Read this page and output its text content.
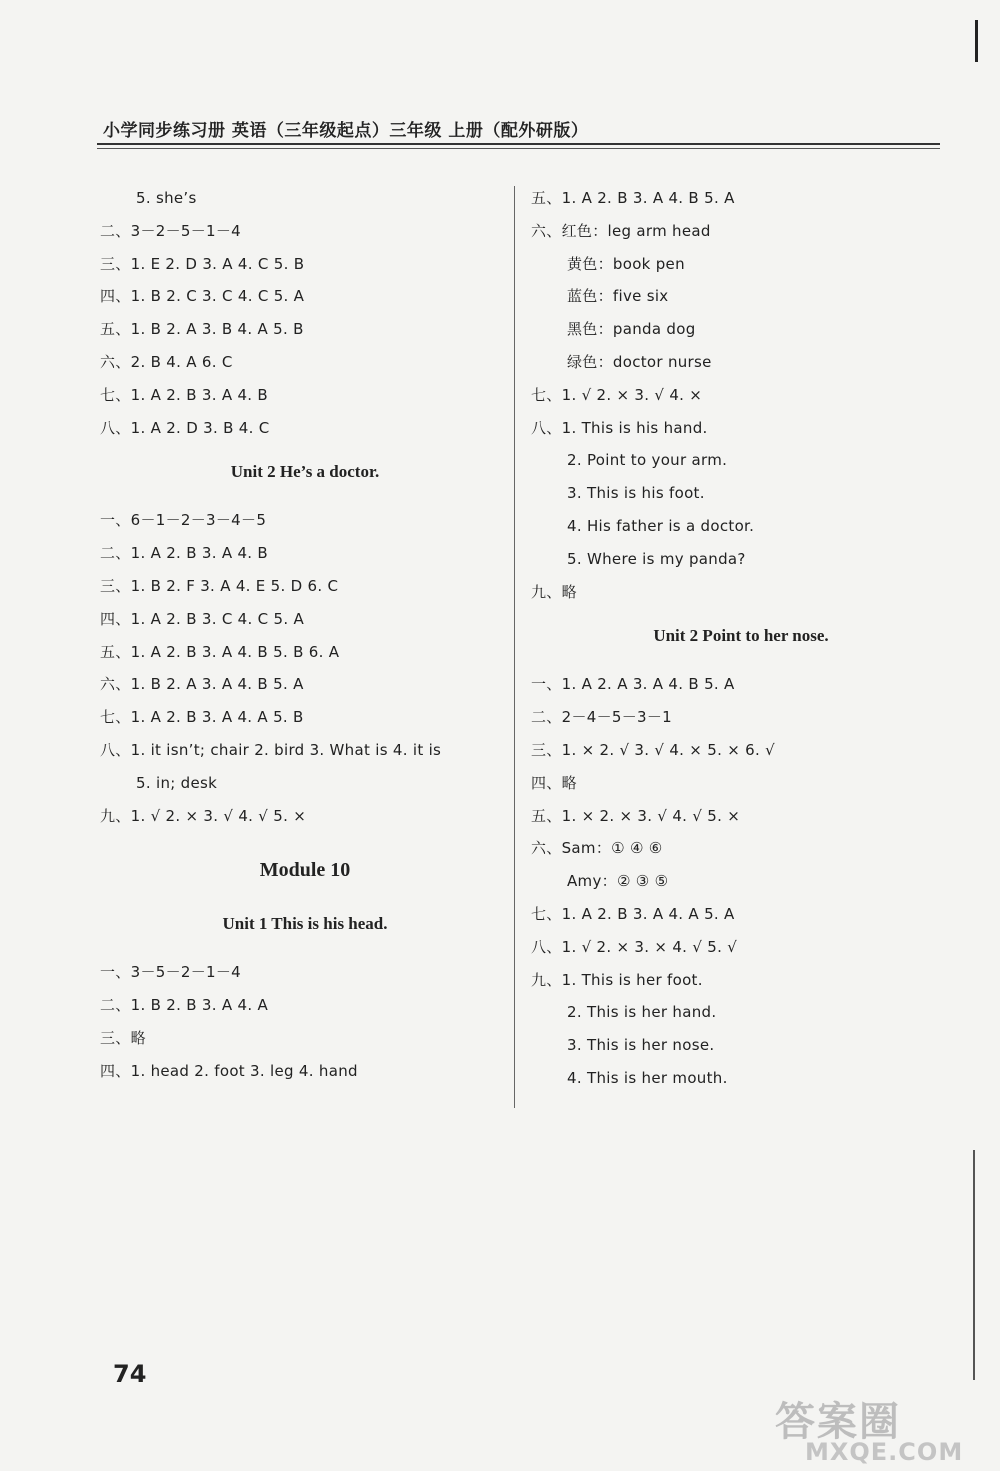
小学同步练习册 英语（三年级起点）三年级 上册（配外研版）
5. she’s
二、3－2－5－1－4
三、1. E 2. D 3. A 4. C 5. B
四、1. B 2. C 3. C 4. C 5. A
五、1. B 2. A 3. B 4. A 5. B
六、2. B 4. A 6. C
七、1. A 2. B 3. A 4. B
八、1. A 2. D 3. B 4. C
Unit 2 He’s a doctor.
一、6－1－2－3－4－5
二、1. A 2. B 3. A 4. B
三、1. B 2. F 3. A 4. E 5. D 6. C
四、1. A 2. B 3. C 4. C 5. A
五、1. A 2. B 3. A 4. B 5. B 6. A
六、1. B 2. A 3. A 4. B 5. A
七、1. A 2. B 3. A 4. A 5. B
八、1. it isn’t; chair 2. bird 3. What is 4. it is
5. in; desk
九、1. √ 2. × 3. √ 4. √ 5. ×
Module 10
Unit 1 This is his head.
一、3－5－2－1－4
二、1. B 2. B 3. A 4. A
三、略
四、1. head 2. foot 3. leg 4. hand
五、1. A 2. B 3. A 4. B 5. A
六、红色：leg arm head
黄色：book pen
蓝色：five six
黑色：panda dog
绿色：doctor nurse
七、1. √ 2. × 3. √ 4. ×
八、1. This is his hand.
2. Point to your arm.
3. This is his foot.
4. His father is a doctor.
5. Where is my panda?
九、略
Unit 2 Point to her nose.
一、1. A 2. A 3. A 4. B 5. A
二、2－4－5－3－1
三、1. × 2. √ 3. √ 4. × 5. × 6. √
四、略
五、1. × 2. × 3. √ 4. √ 5. ×
六、Sam：① ④ ⑥
Amy：② ③ ⑤
七、1. A 2. B 3. A 4. A 5. A
八、1. √ 2. × 3. × 4. √ 5. √
九、1. This is her foot.
2. This is her hand.
3. This is her nose.
4. This is her mouth.
74
答案圈
MXQE.COM
